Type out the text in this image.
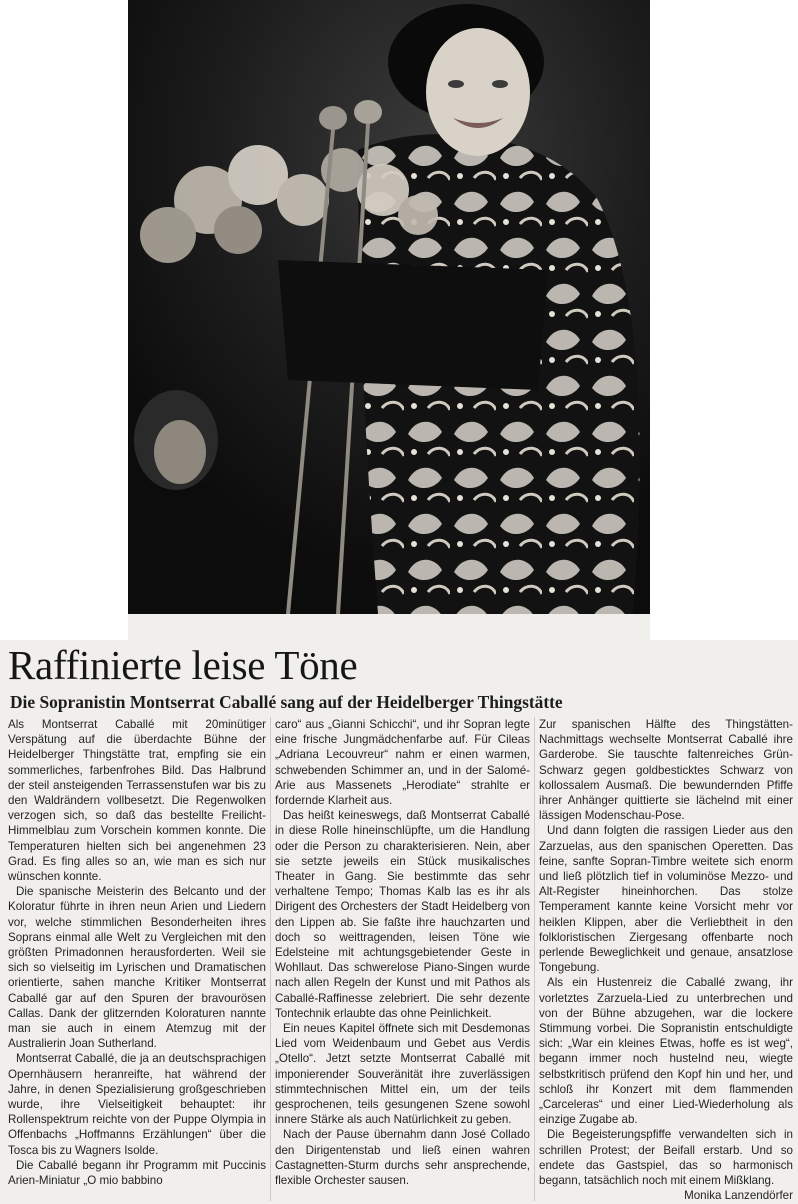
Raffinierte leise Töne
Die Sopranistin Montserrat Caballé sang auf der Heidelberger Thingstätte

Als Montserrat Caballé mit 20minütiger Verspätung auf die überdachte Bühne der Heidelberger Thingstätte trat, empfing sie ein sommerliches, farbenfrohes Bild. Das Halbrund der steil ansteigenden Terrassenstufen war bis zu den Waldrändern vollbesetzt. Die Regenwolken verzogen sich, so daß das bestellte Freilicht-Himmelblau zum Vorschein kommen konnte. Die Temperaturen hielten sich bei angenehmen 23 Grad. Es fing alles so an, wie man es sich nur wünschen konnte.

Die spanische Meisterin des Belcanto und der Koloratur führte in ihren neun Arien und Liedern vor, welche stimmlichen Besonderheiten ihres Soprans einmal alle Welt zu Vergleichen mit den größten Primadonnen herausforderten. Weil sie sich so vielseitig im Lyrischen und Dramatischen orientierte, sahen manche Kritiker Montserrat Caballé gar auf den Spuren der bravourösen Callas. Dank der glitzernden Koloraturen nannte man sie auch in einem Atemzug mit der Australierin Joan Sutherland.

Montserrat Caballé, die ja an deutschsprachigen Opernhäusern heranreifte, hat während der Jahre, in denen Spezialisierung großgeschrieben wurde, ihre Vielseitigkeit behauptet: ihr Rollenspektrum reichte von der Puppe Olympia in Offenbachs „Hoffmanns Erzählungen“ über die Tosca bis zu Wagners Isolde.

Die Caballé begann ihr Programm mit Puccinis Arien-Miniatur „O mio babbino

caro“ aus „Gianni Schicchi“, und ihr Sopran legte eine frische Jungmädchenfarbe auf. Für Cileas „Adriana Lecouvreur“ nahm er einen warmen, schwebenden Schimmer an, und in der Salomé-Arie aus Massenets „Herodiate“ strahlte er fordernde Klarheit aus.

Das heißt keineswegs, daß Montserrat Caballé in diese Rolle hineinschlüpfte, um die Handlung oder die Person zu charakterisieren. Nein, aber sie setzte jeweils ein Stück musikalisches Theater in Gang. Sie bestimmte das sehr verhaltene Tempo; Thomas Kalb las es ihr als Dirigent des Orchesters der Stadt Heidelberg von den Lippen ab. Sie faßte ihre hauchzarten und doch so weittragenden, leisen Töne wie Edelsteine mit achtungsgebietender Geste in Wohllaut. Das schwerelose Piano-Singen wurde nach allen Regeln der Kunst und mit Pathos als Caballé-Raffinesse zelebriert. Die sehr dezente Tontechnik erlaubte das ohne Peinlichkeit.

Ein neues Kapitel öffnete sich mit Desdemonas Lied vom Weidenbaum und Gebet aus Verdis „Otello“. Jetzt setzte Montserrat Caballé mit imponierender Souveränität ihre zuverlässigen stimmtechnischen Mittel ein, um der teils gesprochenen, teils gesungenen Szene sowohl innere Stärke als auch Natürlichkeit zu geben.

Nach der Pause übernahm dann José Collado den Dirigentenstab und ließ einen wahren Castagnetten-Sturm durchs sehr ansprechende, flexible Orchester sausen.

Zur spanischen Hälfte des Thingstätten-Nachmittags wechselte Montserrat Caballé ihre Garderobe. Sie tauschte faltenreiches Grün-Schwarz gegen goldbesticktes Schwarz von kollossalem Ausmaß. Die bewundernden Pfiffe ihrer Anhänger quittierte sie lächelnd mit einer lässigen Modenschau-Pose.

Und dann folgten die rassigen Lieder aus den Zarzuelas, aus den spanischen Operetten. Das feine, sanfte Sopran-Timbre weitete sich enorm und ließ plötzlich tief in voluminöse Mezzo- und Alt-Register hineinhorchen. Das stolze Temperament kannte keine Vorsicht mehr vor heiklen Klippen, aber die Verliebtheit in den folkloristischen Ziergesang offenbarte noch perlende Beweglichkeit und genaue, ansatzlose Tongebung.

Als ein Hustenreiz die Caballé zwang, ihr vorletztes Zarzuela-Lied zu unterbrechen und von der Bühne abzugehen, war die lockere Stimmung vorbei. Die Sopranistin entschuldigte sich: „War ein kleines Etwas, hoffe es ist weg“, begann immer noch husteInd neu, wiegte selbstkritisch prüfend den Kopf hin und her, und schloß ihr Konzert mit dem flammenden „Carceleras“ und einer Lied-Wiederholung als einzige Zugabe ab.

Die Begeisterungspfiffe verwandelten sich in schrillen Protest; der Beifall erstarb. Und so endete das Gastspiel, das so harmonisch begann, tatsächlich noch mit einem Mißklang.
Monika Lanzendörfer
